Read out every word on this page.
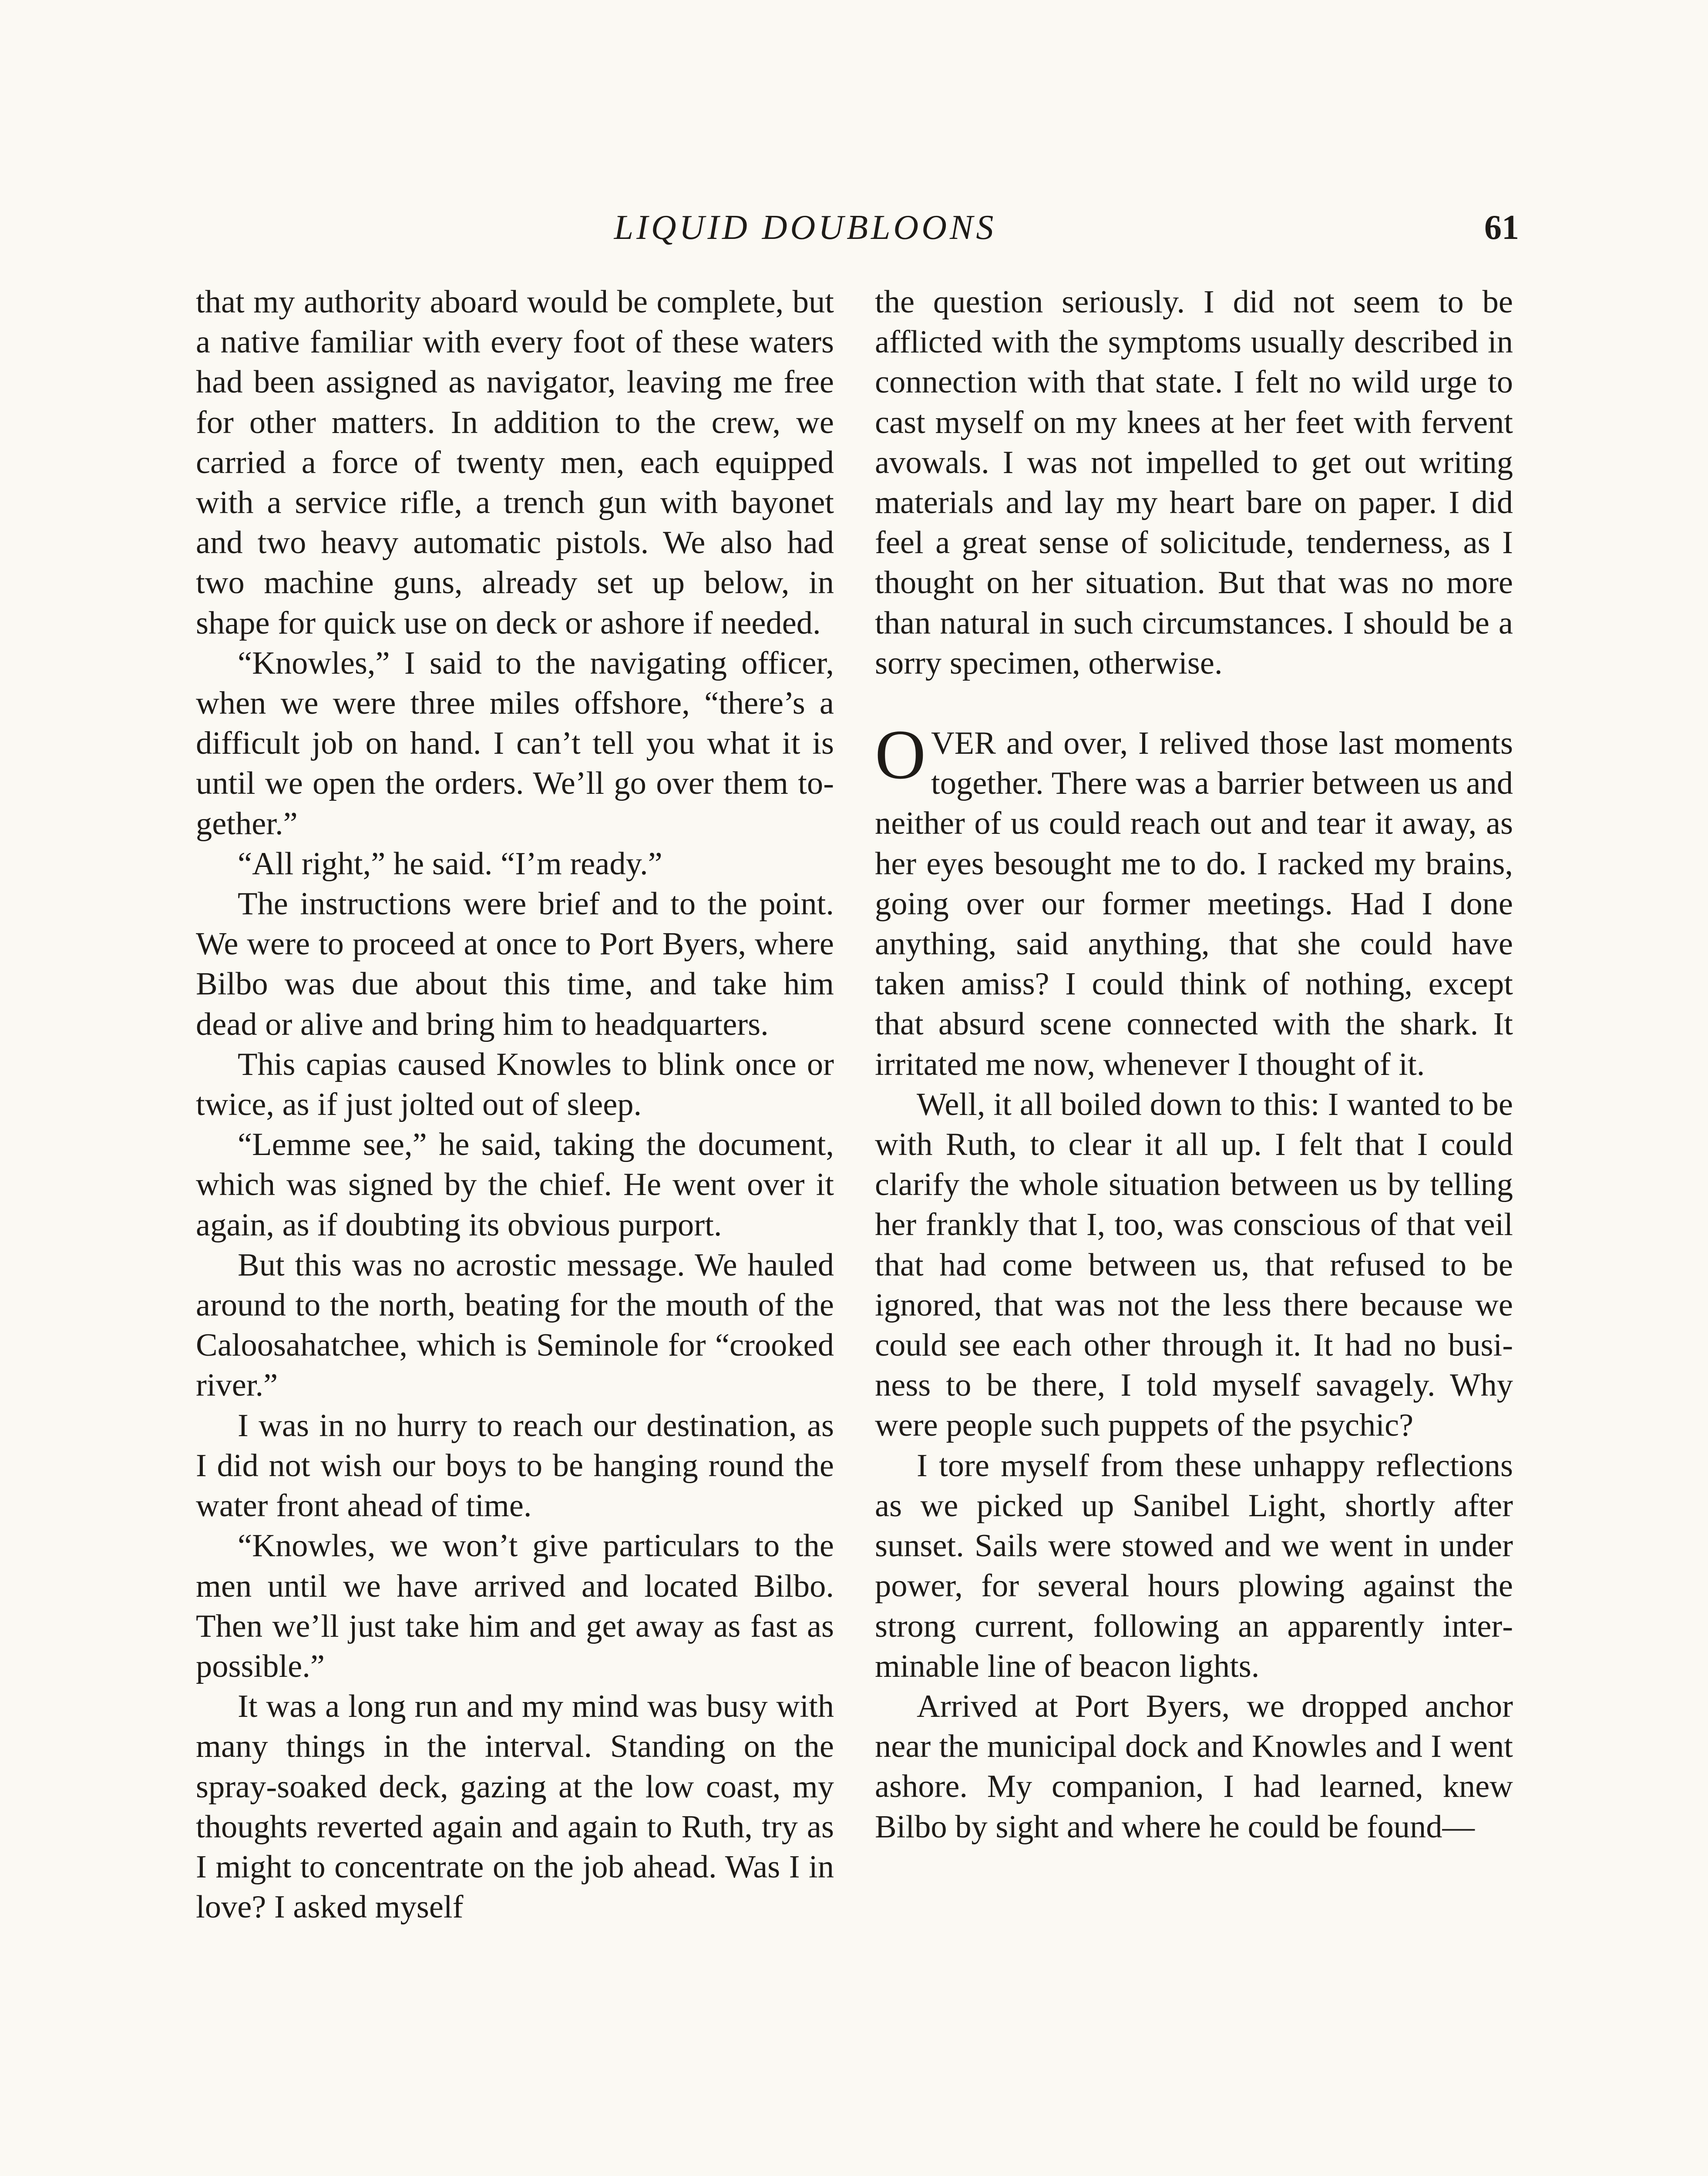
LIQUID DOUBLOONS	61

that my authority aboard would be complete, but a native familiar with every foot of these waters had been assigned as navigator, leaving me free for other matters. In addition to the crew, we carried a force of twenty men, each equipped with a service rifle, a trench gun with bayonet and two heavy automatic pistols. We also had two machine guns, already set up below, in shape for quick use on deck or ashore if needed.

“Knowles,” I said to the navigating officer, when we were three miles offshore, “there’s a difficult job on hand. I can’t tell you what it is until we open the orders. We’ll go over them together.”

“All right,” he said. “I’m ready.”

The instructions were brief and to the point. We were to proceed at once to Port Byers, where Bilbo was due about this time, and take him dead or alive and bring him to headquarters.

This capias caused Knowles to blink once or twice, as if just jolted out of sleep.

“Lemme see,” he said, taking the document, which was signed by the chief. He went over it again, as if doubting its obvious purport.

But this was no acrostic message. We hauled around to the north, beating for the mouth of the Caloosahatchee, which is Seminole for “crooked river.”

I was in no hurry to reach our destination, as I did not wish our boys to be hanging round the water front ahead of time.

“Knowles, we won’t give particulars to the men until we have arrived and located Bilbo. Then we’ll just take him and get away as fast as possible.”

It was a long run and my mind was busy with many things in the interval. Standing on the spray-soaked deck, gazing at the low coast, my thoughts reverted again and again to Ruth, try as I might to concentrate on the job ahead. Was I in love? I asked myself

the question seriously. I did not seem to be afflicted with the symptoms usually described in connection with that state. I felt no wild urge to cast myself on my knees at her feet with fervent avowals. I was not impelled to get out writing materials and lay my heart bare on paper. I did feel a great sense of solicitude, tenderness, as I thought on her situation. But that was no more than natural in such circumstances. I should be a sorry specimen, otherwise.

OVER and over, I relived those last moments together. There was a barrier between us and neither of us could reach out and tear it away, as her eyes besought me to do. I racked my brains, going over our former meetings. Had I done anything, said anything, that she could have taken amiss? I could think of nothing, except that absurd scene connected with the shark. It irritated me now, whenever I thought of it.

Well, it all boiled down to this: I wanted to be with Ruth, to clear it all up. I felt that I could clarify the whole situation between us by telling her frankly that I, too, was conscious of that veil that had come between us, that refused to be ignored, that was not the less there because we could see each other through it. It had no business to be there, I told myself savagely. Why were people such puppets of the psychic?

I tore myself from these unhappy reflections as we picked up Sanibel Light, shortly after sunset. Sails were stowed and we went in under power, for several hours plowing against the strong current, following an apparently interminable line of beacon lights.

Arrived at Port Byers, we dropped anchor near the municipal dock and Knowles and I went ashore. My companion, I had learned, knew Bilbo by sight and where he could be found—
